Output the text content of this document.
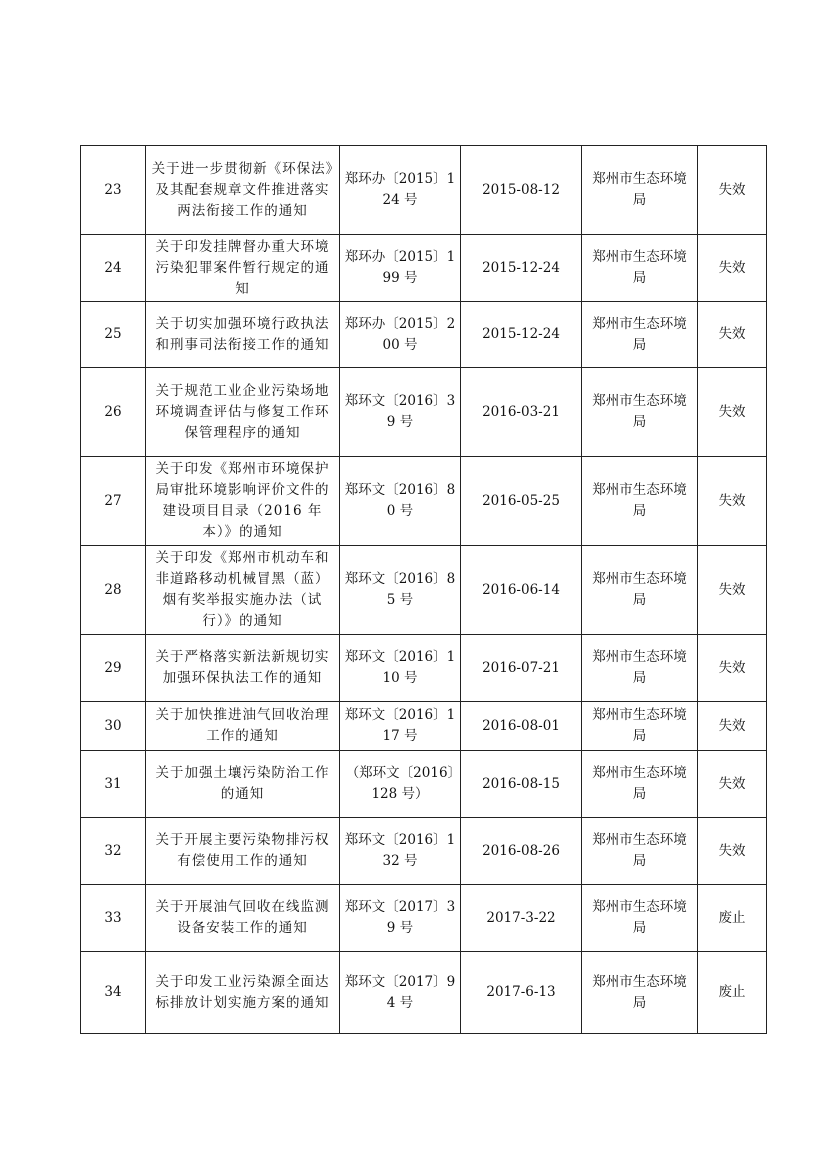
23	关于进一步贯彻新《环保法》及其配套规章文件推进落实两法衔接工作的通知	郑环办〔2015〕124 号	2015-08-12	郑州市生态环境局	失效
24	关于印发挂牌督办重大环境污染犯罪案件暂行规定的通知	郑环办〔2015〕199 号	2015-12-24	郑州市生态环境局	失效
25	关于切实加强环境行政执法和刑事司法衔接工作的通知	郑环办〔2015〕200 号	2015-12-24	郑州市生态环境局	失效
26	关于规范工业企业污染场地环境调查评估与修复工作环保管理程序的通知	郑环文〔2016〕39 号	2016-03-21	郑州市生态环境局	失效
27	关于印发《郑州市环境保护局审批环境影响评价文件的建设项目目录（2016 年本）》的通知	郑环文〔2016〕80 号	2016-05-25	郑州市生态环境局	失效
28	关于印发《郑州市机动车和非道路移动机械冒黑（蓝）烟有奖举报实施办法（试行）》的通知	郑环文〔2016〕85 号	2016-06-14	郑州市生态环境局	失效
29	关于严格落实新法新规切实加强环保执法工作的通知	郑环文〔2016〕110 号	2016-07-21	郑州市生态环境局	失效
30	关于加快推进油气回收治理工作的通知	郑环文〔2016〕117 号	2016-08-01	郑州市生态环境局	失效
31	关于加强土壤污染防治工作的通知	（郑环文〔2016〕128 号）	2016-08-15	郑州市生态环境局	失效
32	关于开展主要污染物排污权有偿使用工作的通知	郑环文〔2016〕132 号	2016-08-26	郑州市生态环境局	失效
33	关于开展油气回收在线监测设备安装工作的通知	郑环文〔2017〕39 号	2017-3-22	郑州市生态环境局	废止
34	关于印发工业污染源全面达标排放计划实施方案的通知	郑环文〔2017〕94 号	2017-6-13	郑州市生态环境局	废止
